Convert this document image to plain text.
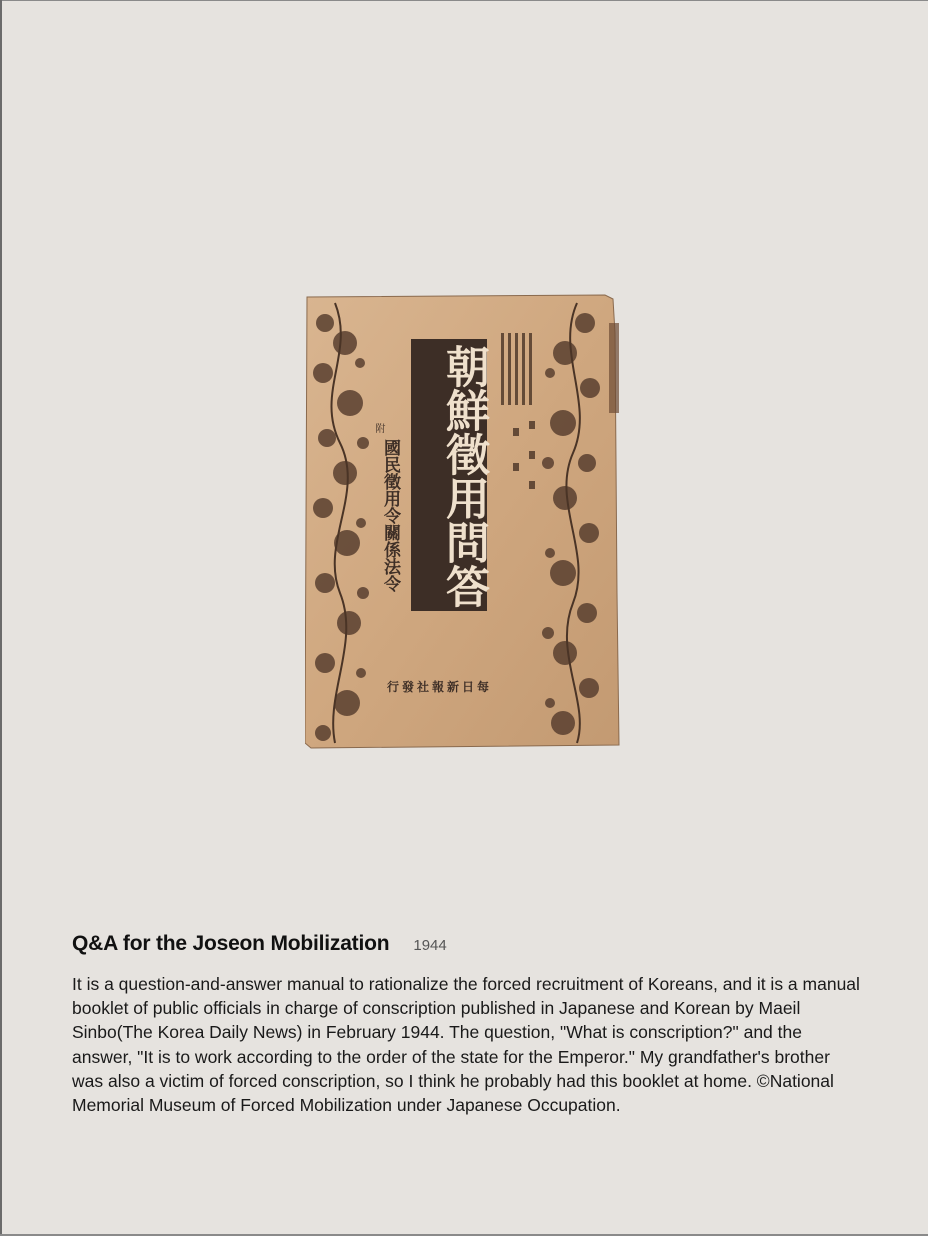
朝鮮徵用問答
附
國民徵用令關係法令
行發社報新日每
Q&A for the Joseon Mobilization 1944
It is a question-and-answer manual to rationalize the forced recruitment of Koreans, and it is a manual booklet of public officials in charge of conscription published in Japanese and Korean by Maeil Sinbo(The Korea Daily News) in February 1944. The question, "What is conscription?" and the answer, "It is to work according to the order of the state for the Emperor." My grandfather's brother was also a victim of forced conscription, so I think he probably had this booklet at home. ©National Memorial Museum of Forced Mobilization under Japanese Occupation.
